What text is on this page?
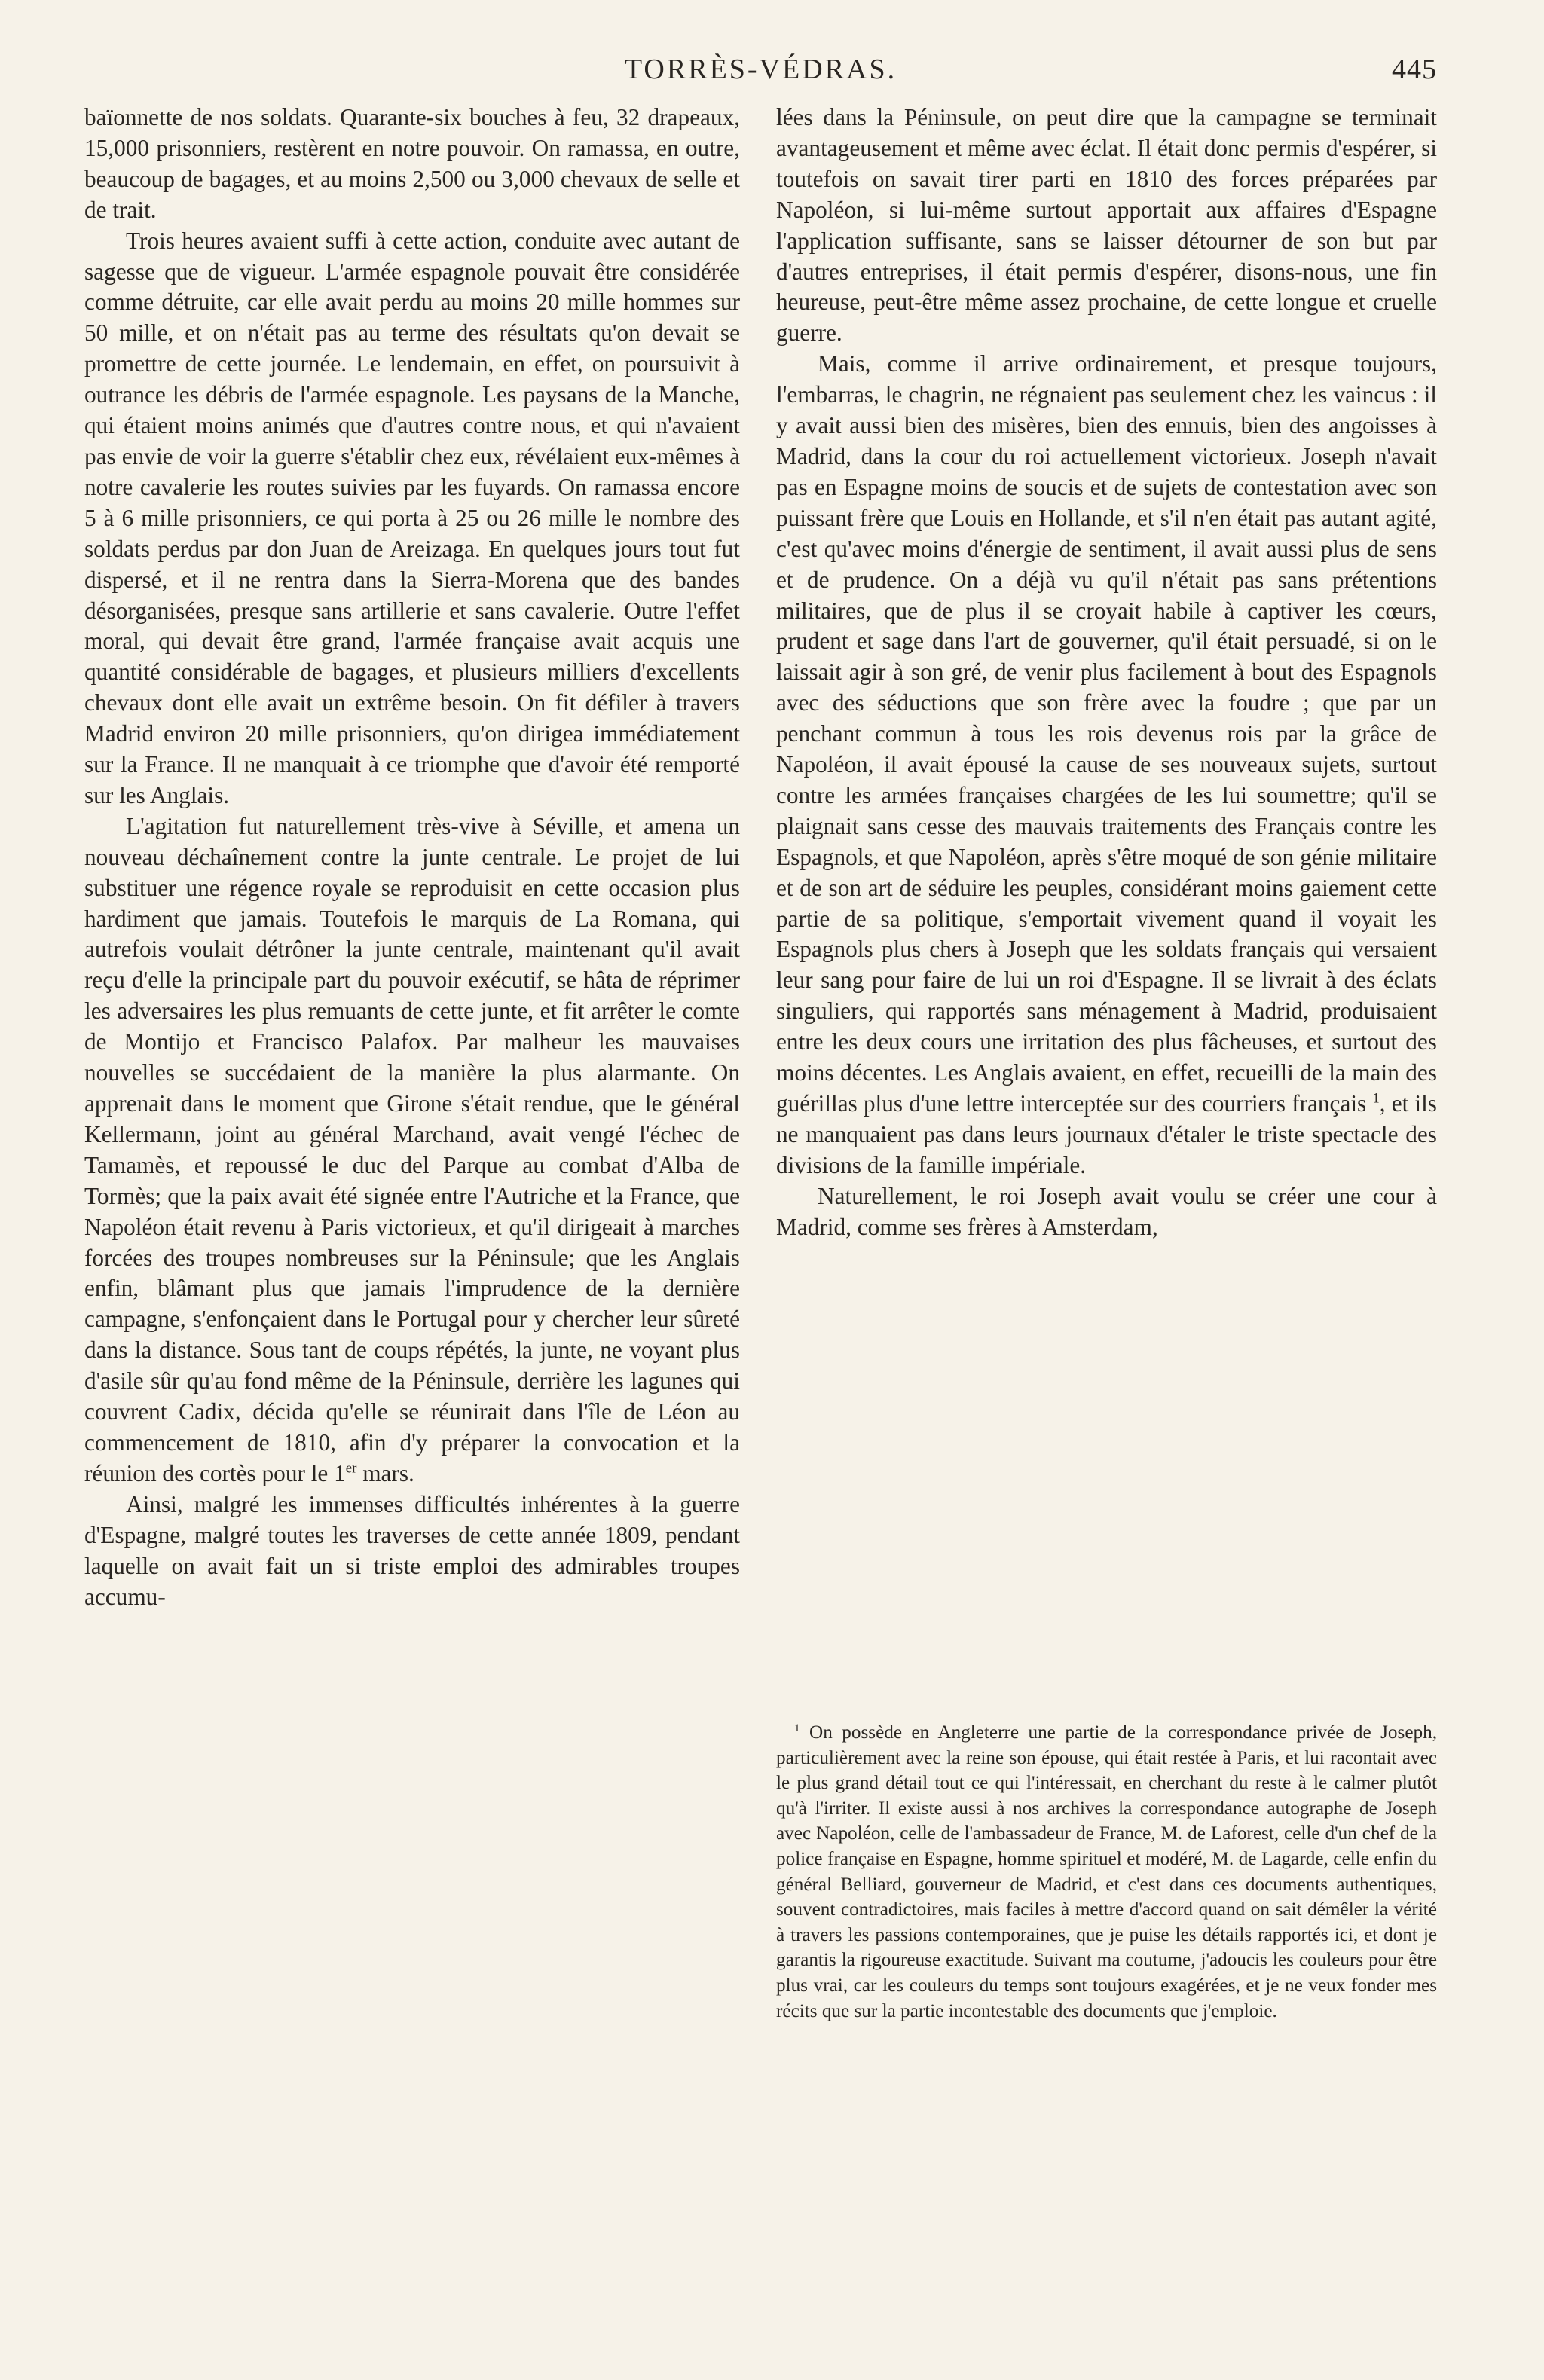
TORRÈS-VÉDRAS.	445

baïonnette de nos soldats. Quarante-six bouches à feu, 32 drapeaux, 15,000 prisonniers, restèrent en notre pouvoir. On ramassa, en outre, beaucoup de bagages, et au moins 2,500 ou 3,000 chevaux de selle et de trait.

Trois heures avaient suffi à cette action, conduite avec autant de sagesse que de vigueur. L'armée espagnole pouvait être considérée comme détruite, car elle avait perdu au moins 20 mille hommes sur 50 mille, et on n'était pas au terme des résultats qu'on devait se promettre de cette journée. Le lendemain, en effet, on poursuivit à outrance les débris de l'armée espagnole. Les paysans de la Manche, qui étaient moins animés que d'autres contre nous, et qui n'avaient pas envie de voir la guerre s'établir chez eux, révélaient eux-mêmes à notre cavalerie les routes suivies par les fuyards. On ramassa encore 5 à 6 mille prisonniers, ce qui porta à 25 ou 26 mille le nombre des soldats perdus par don Juan de Areizaga. En quelques jours tout fut dispersé, et il ne rentra dans la Sierra-Morena que des bandes désorganisées, presque sans artillerie et sans cavalerie. Outre l'effet moral, qui devait être grand, l'armée française avait acquis une quantité considérable de bagages, et plusieurs milliers d'excellents chevaux dont elle avait un extrême besoin. On fit défiler à travers Madrid environ 20 mille prisonniers, qu'on dirigea immédiatement sur la France. Il ne manquait à ce triomphe que d'avoir été remporté sur les Anglais.

L'agitation fut naturellement très-vive à Séville, et amena un nouveau déchaînement contre la junte centrale. Le projet de lui substituer une régence royale se reproduisit en cette occasion plus hardiment que jamais. Toutefois le marquis de La Romana, qui autrefois voulait détrôner la junte centrale, maintenant qu'il avait reçu d'elle la principale part du pouvoir exécutif, se hâta de réprimer les adversaires les plus remuants de cette junte, et fit arrêter le comte de Montijo et Francisco Palafox. Par malheur les mauvaises nouvelles se succédaient de la manière la plus alarmante. On apprenait dans le moment que Girone s'était rendue, que le général Kellermann, joint au général Marchand, avait vengé l'échec de Tamamès, et repoussé le duc del Parque au combat d'Alba de Tormès; que la paix avait été signée entre l'Autriche et la France, que Napoléon était revenu à Paris victorieux, et qu'il dirigeait à marches forcées des troupes nombreuses sur la Péninsule; que les Anglais enfin, blâmant plus que jamais l'imprudence de la dernière campagne, s'enfonçaient dans le Portugal pour y chercher leur sûreté dans la distance. Sous tant de coups répétés, la junte, ne voyant plus d'asile sûr qu'au fond même de la Péninsule, derrière les lagunes qui couvrent Cadix, décida qu'elle se réunirait dans l'île de Léon au commencement de 1810, afin d'y préparer la convocation et la réunion des cortès pour le 1er mars.

Ainsi, malgré les immenses difficultés inhérentes à la guerre d'Espagne, malgré toutes les traverses de cette année 1809, pendant laquelle on avait fait un si triste emploi des admirables troupes accumu-

lées dans la Péninsule, on peut dire que la campagne se terminait avantageusement et même avec éclat. Il était donc permis d'espérer, si toutefois on savait tirer parti en 1810 des forces préparées par Napoléon, si lui-même surtout apportait aux affaires d'Espagne l'application suffisante, sans se laisser détourner de son but par d'autres entreprises, il était permis d'espérer, disons-nous, une fin heureuse, peut-être même assez prochaine, de cette longue et cruelle guerre.

Mais, comme il arrive ordinairement, et presque toujours, l'embarras, le chagrin, ne régnaient pas seulement chez les vaincus : il y avait aussi bien des misères, bien des ennuis, bien des angoisses à Madrid, dans la cour du roi actuellement victorieux. Joseph n'avait pas en Espagne moins de soucis et de sujets de contestation avec son puissant frère que Louis en Hollande, et s'il n'en était pas autant agité, c'est qu'avec moins d'énergie de sentiment, il avait aussi plus de sens et de prudence. On a déjà vu qu'il n'était pas sans prétentions militaires, que de plus il se croyait habile à captiver les cœurs, prudent et sage dans l'art de gouverner, qu'il était persuadé, si on le laissait agir à son gré, de venir plus facilement à bout des Espagnols avec des séductions que son frère avec la foudre ; que par un penchant commun à tous les rois devenus rois par la grâce de Napoléon, il avait épousé la cause de ses nouveaux sujets, surtout contre les armées françaises chargées de les lui soumettre; qu'il se plaignait sans cesse des mauvais traitements des Français contre les Espagnols, et que Napoléon, après s'être moqué de son génie militaire et de son art de séduire les peuples, considérant moins gaiement cette partie de sa politique, s'emportait vivement quand il voyait les Espagnols plus chers à Joseph que les soldats français qui versaient leur sang pour faire de lui un roi d'Espagne. Il se livrait à des éclats singuliers, qui rapportés sans ménagement à Madrid, produisaient entre les deux cours une irritation des plus fâcheuses, et surtout des moins décentes. Les Anglais avaient, en effet, recueilli de la main des guérillas plus d'une lettre interceptée sur des courriers français $^1$, et ils ne manquaient pas dans leurs journaux d'étaler le triste spectacle des divisions de la famille impériale.

Naturellement, le roi Joseph avait voulu se créer une cour à Madrid, comme ses frères à Amsterdam,

$^1$ On possède en Angleterre une partie de la correspondance privée de Joseph, particulièrement avec la reine son épouse, qui était restée à Paris, et lui racontait avec le plus grand détail tout ce qui l'intéressait, en cherchant du reste à le calmer plutôt qu'à l'irriter. Il existe aussi à nos archives la correspondance autographe de Joseph avec Napoléon, celle de l'ambassadeur de France, M. de Laforest, celle d'un chef de la police française en Espagne, homme spirituel et modéré, M. de Lagarde, celle enfin du général Belliard, gouverneur de Madrid, et c'est dans ces documents authentiques, souvent contradictoires, mais faciles à mettre d'accord quand on sait démêler la vérité à travers les passions contemporaines, que je puise les détails rapportés ici, et dont je garantis la rigoureuse exactitude. Suivant ma coutume, j'adoucis les couleurs pour être plus vrai, car les couleurs du temps sont toujours exagérées, et je ne veux fonder mes récits que sur la partie incontestable des documents que j'emploie.
